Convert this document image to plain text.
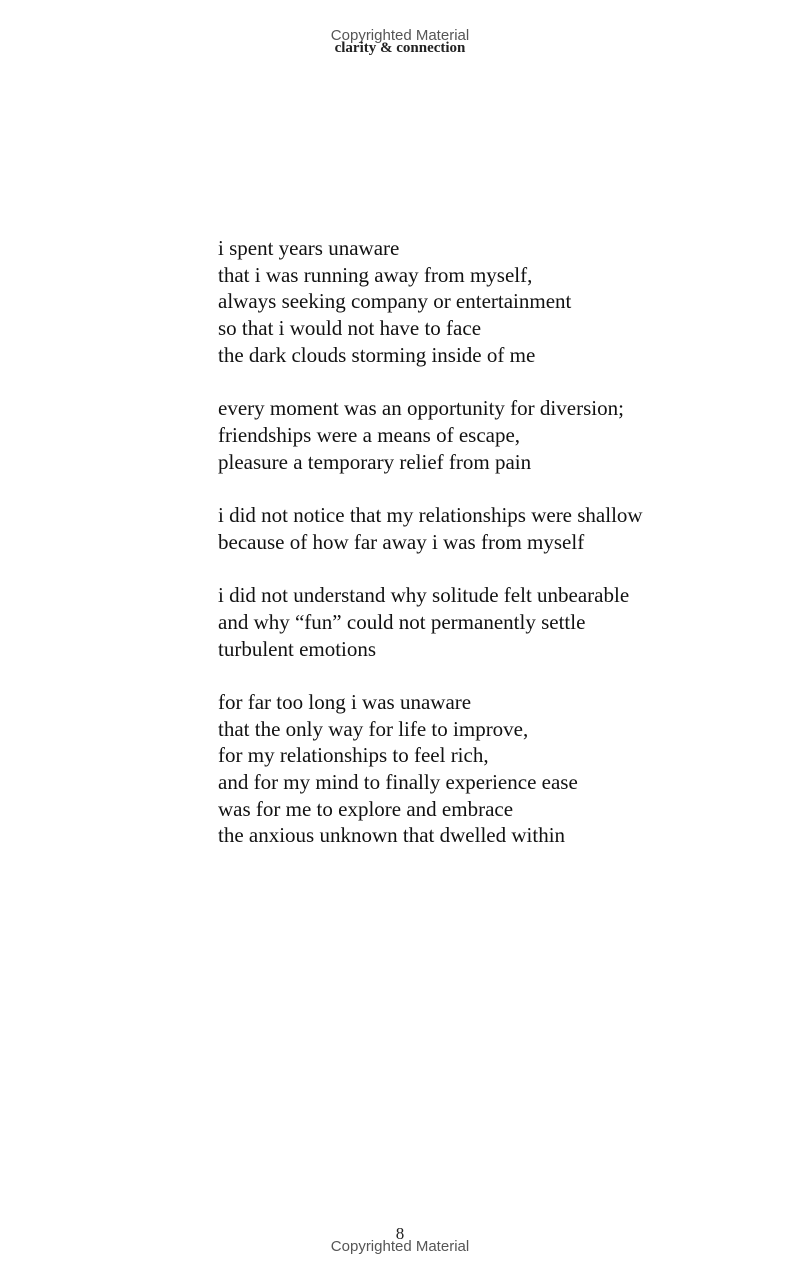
Copyrighted Material
clarity & connection
i spent years unaware
that i was running away from myself,
always seeking company or entertainment
so that i would not have to face
the dark clouds storming inside of me
every moment was an opportunity for diversion;
friendships were a means of escape,
pleasure a temporary relief from pain
i did not notice that my relationships were shallow
because of how far away i was from myself
i did not understand why solitude felt unbearable
and why “fun” could not permanently settle
turbulent emotions
for far too long i was unaware
that the only way for life to improve,
for my relationships to feel rich,
and for my mind to finally experience ease
was for me to explore and embrace
the anxious unknown that dwelled within
8
Copyrighted Material
